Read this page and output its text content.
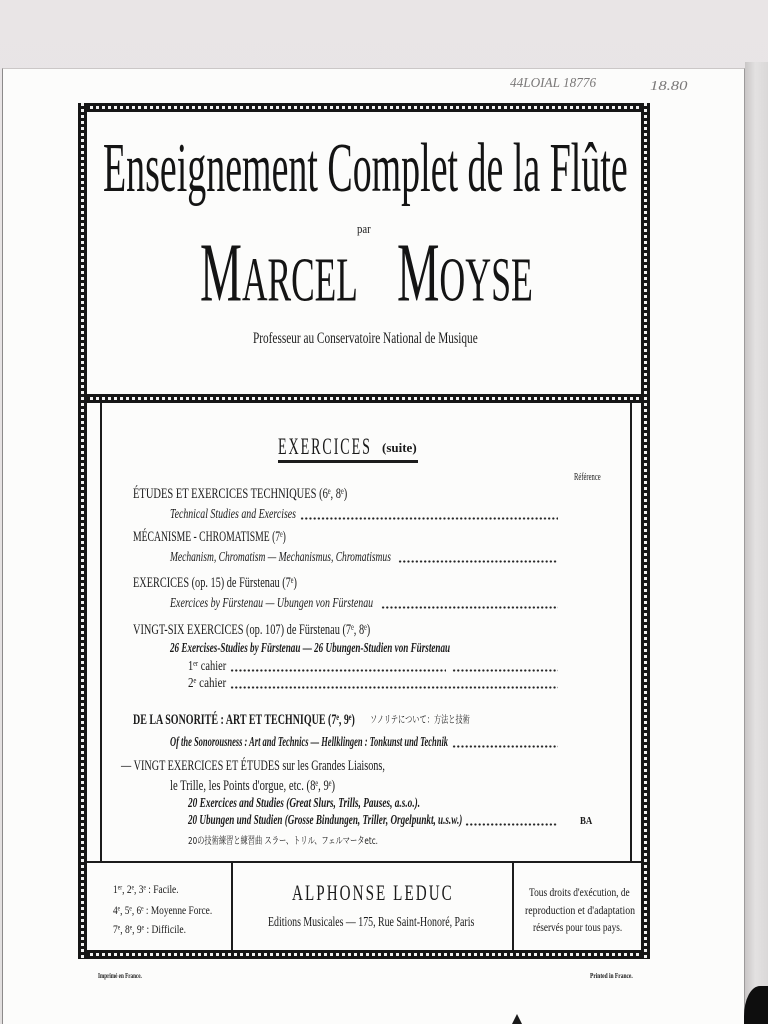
44LOIAL 18776	18.80
Enseignement Complet de la Flûte
par
MARCEL MOYSE
Professeur au Conservatoire National de Musique
EXERCICES (suite)
Référence
ÉTUDES ET EXERCICES TECHNIQUES (6ᵉ, 8ᵉ)
Technical Studies and Exercises
MÉCANISME - CHROMATISME (7ᵉ)
Mechanism, Chromatism — Mechanismus, Chromatismus
EXERCICES (op. 15) de Fürstenau (7ᵉ)
Exercices by Fürstenau — Ubungen von Fürstenau
VINGT-SIX EXERCICES (op. 107) de Fürstenau (7ᵉ, 8ᵉ)
26 Exercises-Studies by Fürstenau — 26 Ubungen-Studien von Fürstenau
1ᵉʳ cahier
2ᵉ cahier
DE LA SONORITÉ : ART ET TECHNIQUE (7ᵉ, 9ᵉ) ソノリテについて：方法と技術
Of the Sonorousness : Art and Technics — Hellklingen : Tonkunst und Technik
— VINGT EXERCICES ET ÉTUDES sur les Grandes Liaisons,
le Trille, les Points d'orgue, etc. (8ᵉ, 9ᵉ)
20 Exercices and Studies (Great Slurs, Trills, Pauses, a.s.o.).
20 Ubungen und Studien (Grosse Bindungen, Triller, Orgelpunkt, u.s.w.)	BA
20の技術練習と練習曲 スラー、トリル、フェルマータetc.
1ᵉʳ, 2ᵉ, 3ᵉ : Facile.
4ᵉ, 5ᵉ, 6ᵉ : Moyenne Force.
7ᵉ, 8ᵉ, 9ᵉ : Difficile.
ALPHONSE LEDUC
Editions Musicales — 175, Rue Saint-Honoré, Paris
Tous droits d'exécution, de
reproduction et d'adaptation
réservés pour tous pays.
Imprimé en France.	Printed in France.
